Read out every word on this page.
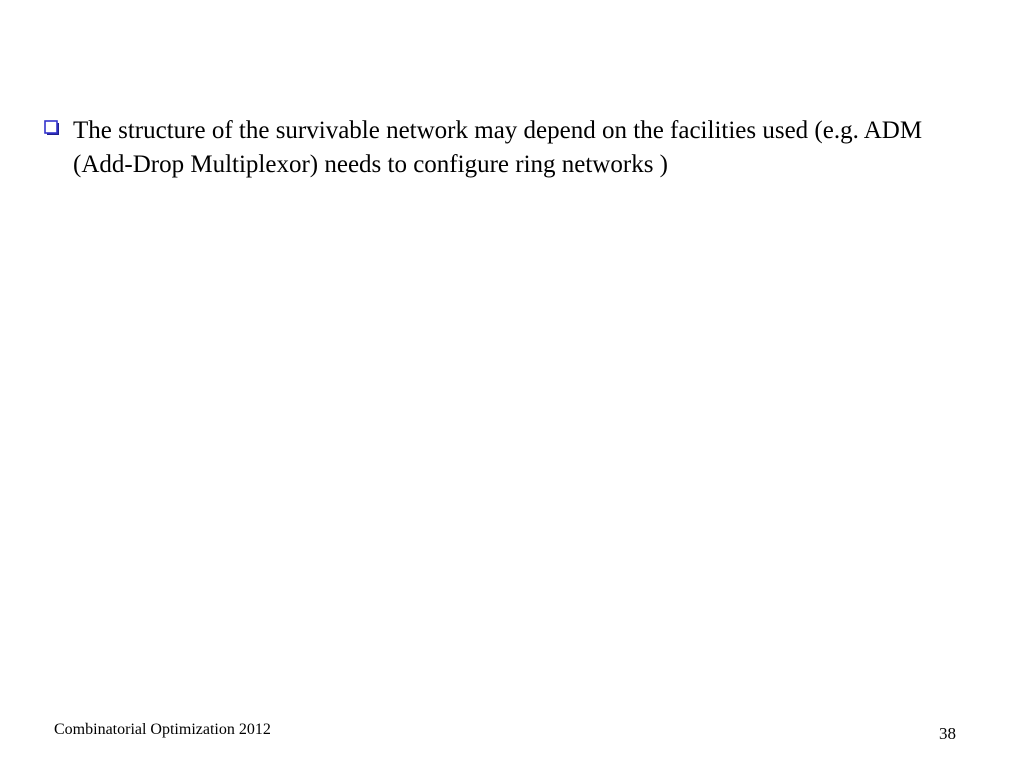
The structure of the survivable network may depend on the facilities used (e.g. ADM (Add-Drop Multiplexor) needs to configure ring networks )

Combinatorial Optimization 2012	38
